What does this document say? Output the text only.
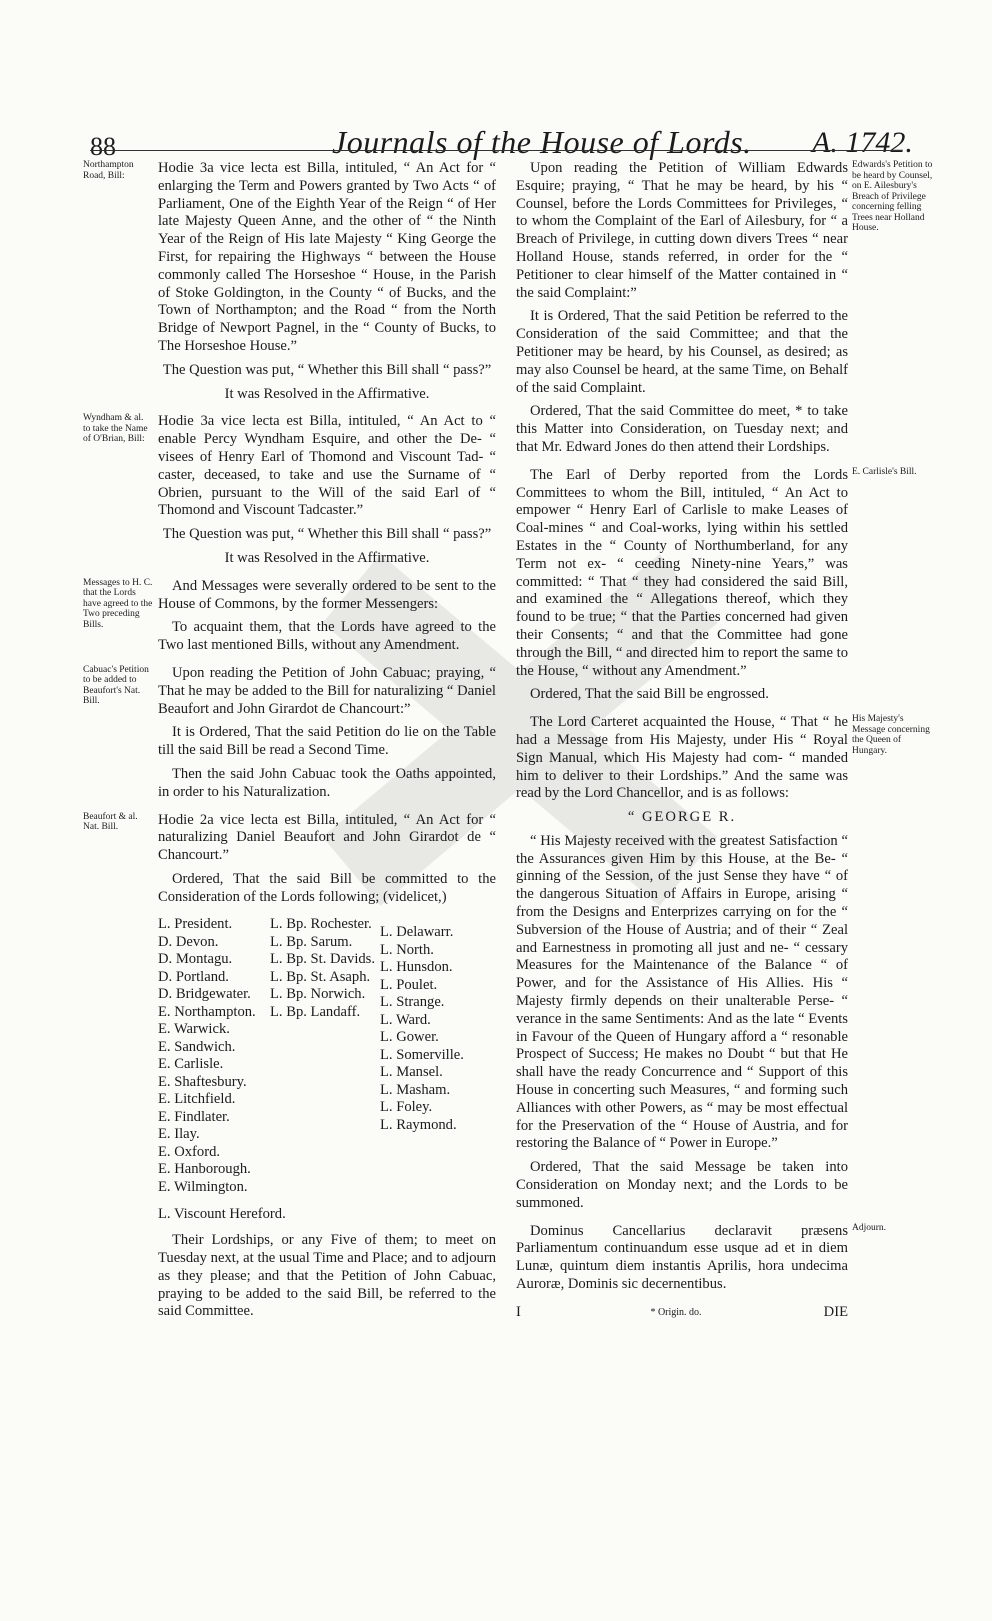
88	Journals of the House of Lords. A. 1742.
Northampton Road, Bill:	Hodie 3a vice lecta est Billa, intituled, “ An Act for “ enlarging the Term and Powers granted by Two Acts “ of Parliament, One of the Eighth Year of the Reign “ of Her late Majesty Queen Anne, and the other of “ the Ninth Year of the Reign of His late Majesty “ King George the First, for repairing the Highways “ between the House commonly called The Horseshoe “ House, in the Parish of Stoke Goldington, in the County “ of Bucks, and the Town of Northampton; and the Road “ from the North Bridge of Newport Pagnel, in the “ County of Bucks, to The Horseshoe House.”

The Question was put, “ Whether this Bill shall “ pass?”

It was Resolved in the Affirmative.

Wyndham & al. to take the Name of O'Brian, Bill:

Hodie 3a vice lecta est Billa, intituled, “ An Act to “ enable Percy Wyndham Esquire, and other the De- “ visees of Henry Earl of Thomond and Viscount Tad- “ caster, deceased, to take and use the Surname of “ Obrien, pursuant to the Will of the said Earl of “ Thomond and Viscount Tadcaster.”

The Question was put, “ Whether this Bill shall “ pass?”

It was Resolved in the Affirmative.

Messages to H. C. that the Lords have agreed to the Two preceding Bills.

And Messages were severally ordered to be sent to the House of Commons, by the former Messengers:

To acquaint them, that the Lords have agreed to the Two last mentioned Bills, without any Amendment.

Cabuac's Petition to be added to Beaufort's Nat. Bill.

Upon reading the Petition of John Cabuac; praying, “ That he may be added to the Bill for naturalizing “ Daniel Beaufort and John Girardot de Chancourt:”

It is Ordered, That the said Petition do lie on the Table till the said Bill be read a Second Time.

Then the said John Cabuac took the Oaths appointed, in order to his Naturalization.

Beaufort & al. Nat. Bill.	Hodie 2a vice lecta est Billa, intituled, “ An Act for “ naturalizing Daniel Beaufort and John Girardot de “ Chancourt.”

Ordered, That the said Bill be committed to the Consideration of the Lords following; (videlicet,)

L. President.
D. Devon.
D. Montagu.
D. Portland.
D. Bridgewater.
E. Northampton.
E. Warwick.
E. Sandwich.
E. Carlisle.
E. Shaftesbury.
E. Litchfield.
E. Findlater.
E. Ilay.
E. Oxford.
E. Hanborough.
E. Wilmington.
L. Bp. Rochester.
L. Bp. Sarum.
L. Bp. St. Davids.
L. Bp. St. Asaph.
L. Bp. Norwich.
L. Bp. Landaff.
L. Delawarr.
L. North.
L. Hunsdon.
L. Poulet.
L. Strange.
L. Ward.
L. Gower.
L. Somerville.
L. Mansel.
L. Masham.
L. Foley.
L. Raymond.

L. Viscount Hereford.

Their Lordships, or any Five of them; to meet on Tuesday next, at the usual Time and Place; and to adjourn as they please; and that the Petition of John Cabuac, praying to be added to the said Bill, be referred to the said Committee.

Edwards's Petition to be heard by Counsel, on E. Ailesbury's Breach of Privilege concerning felling Trees near Holland House.

Upon reading the Petition of William Edwards Esquire; praying, “ That he may be heard, by his “ Counsel, before the Lords Committees for Privileges, “ to whom the Complaint of the Earl of Ailesbury, for “ a Breach of Privilege, in cutting down divers Trees “ near Holland House, stands referred, in order for the “ Petitioner to clear himself of the Matter contained in “ the said Complaint:”

It is Ordered, That the said Petition be referred to the Consideration of the said Committee; and that the Petitioner may be heard, by his Counsel, as desired; as may also Counsel be heard, at the same Time, on Behalf of the said Complaint.

Ordered, That the said Committee do meet, * to take this Matter into Consideration, on Tuesday next; and that Mr. Edward Jones do then attend their Lordships.

E. Carlisle's Bill.

The Earl of Derby reported from the Lords Committees to whom the Bill, intituled, “ An Act to empower “ Henry Earl of Carlisle to make Leases of Coal-mines “ and Coal-works, lying within his settled Estates in the “ County of Northumberland, for any Term not ex- “ ceeding Ninety-nine Years,” was committed: “ That “ they had considered the said Bill, and examined the “ Allegations thereof, which they found to be true; “ that the Parties concerned had given their Consents; “ and that the Committee had gone through the Bill, “ and directed him to report the same to the House, “ without any Amendment.”

Ordered, That the said Bill be engrossed.

His Majesty's Message concerning the Queen of Hungary.

The Lord Carteret acquainted the House, “ That “ he had a Message from His Majesty, under His “ Royal Sign Manual, which His Majesty had com- “ manded him to deliver to their Lordships.” And the same was read by the Lord Chancellor, and is as follows:

“ GEORGE R.

“ His Majesty received with the greatest Satisfaction “ the Assurances given Him by this House, at the Be- “ ginning of the Session, of the just Sense they have “ of the dangerous Situation of Affairs in Europe, arising “ from the Designs and Enterprizes carrying on for the “ Subversion of the House of Austria; and of their “ Zeal and Earnestness in promoting all just and ne- “ cessary Measures for the Maintenance of the Balance “ of Power, and for the Assistance of His Allies. His “ Majesty firmly depends on their unalterable Perse- “ verance in the same Sentiments: And as the late “ Events in Favour of the Queen of Hungary afford a “ resonable Prospect of Success; He makes no Doubt “ but that He shall have the ready Concurrence and “ Support of this House in concerting such Measures, “ and forming such Alliances with other Powers, as “ may be most effectual for the Preservation of the “ House of Austria, and for restoring the Balance of “ Power in Europe.”

Ordered, That the said Message be taken into Consideration on Monday next; and the Lords to be summoned.

Adjourn.

Dominus Cancellarius declaravit præsens Parliamentum continuandum esse usque ad et in diem Lunæ, quintum diem instantis Aprilis, hora undecima Auroræ, Dominis sic decernentibus.

I	* Origin. do.	DIE
